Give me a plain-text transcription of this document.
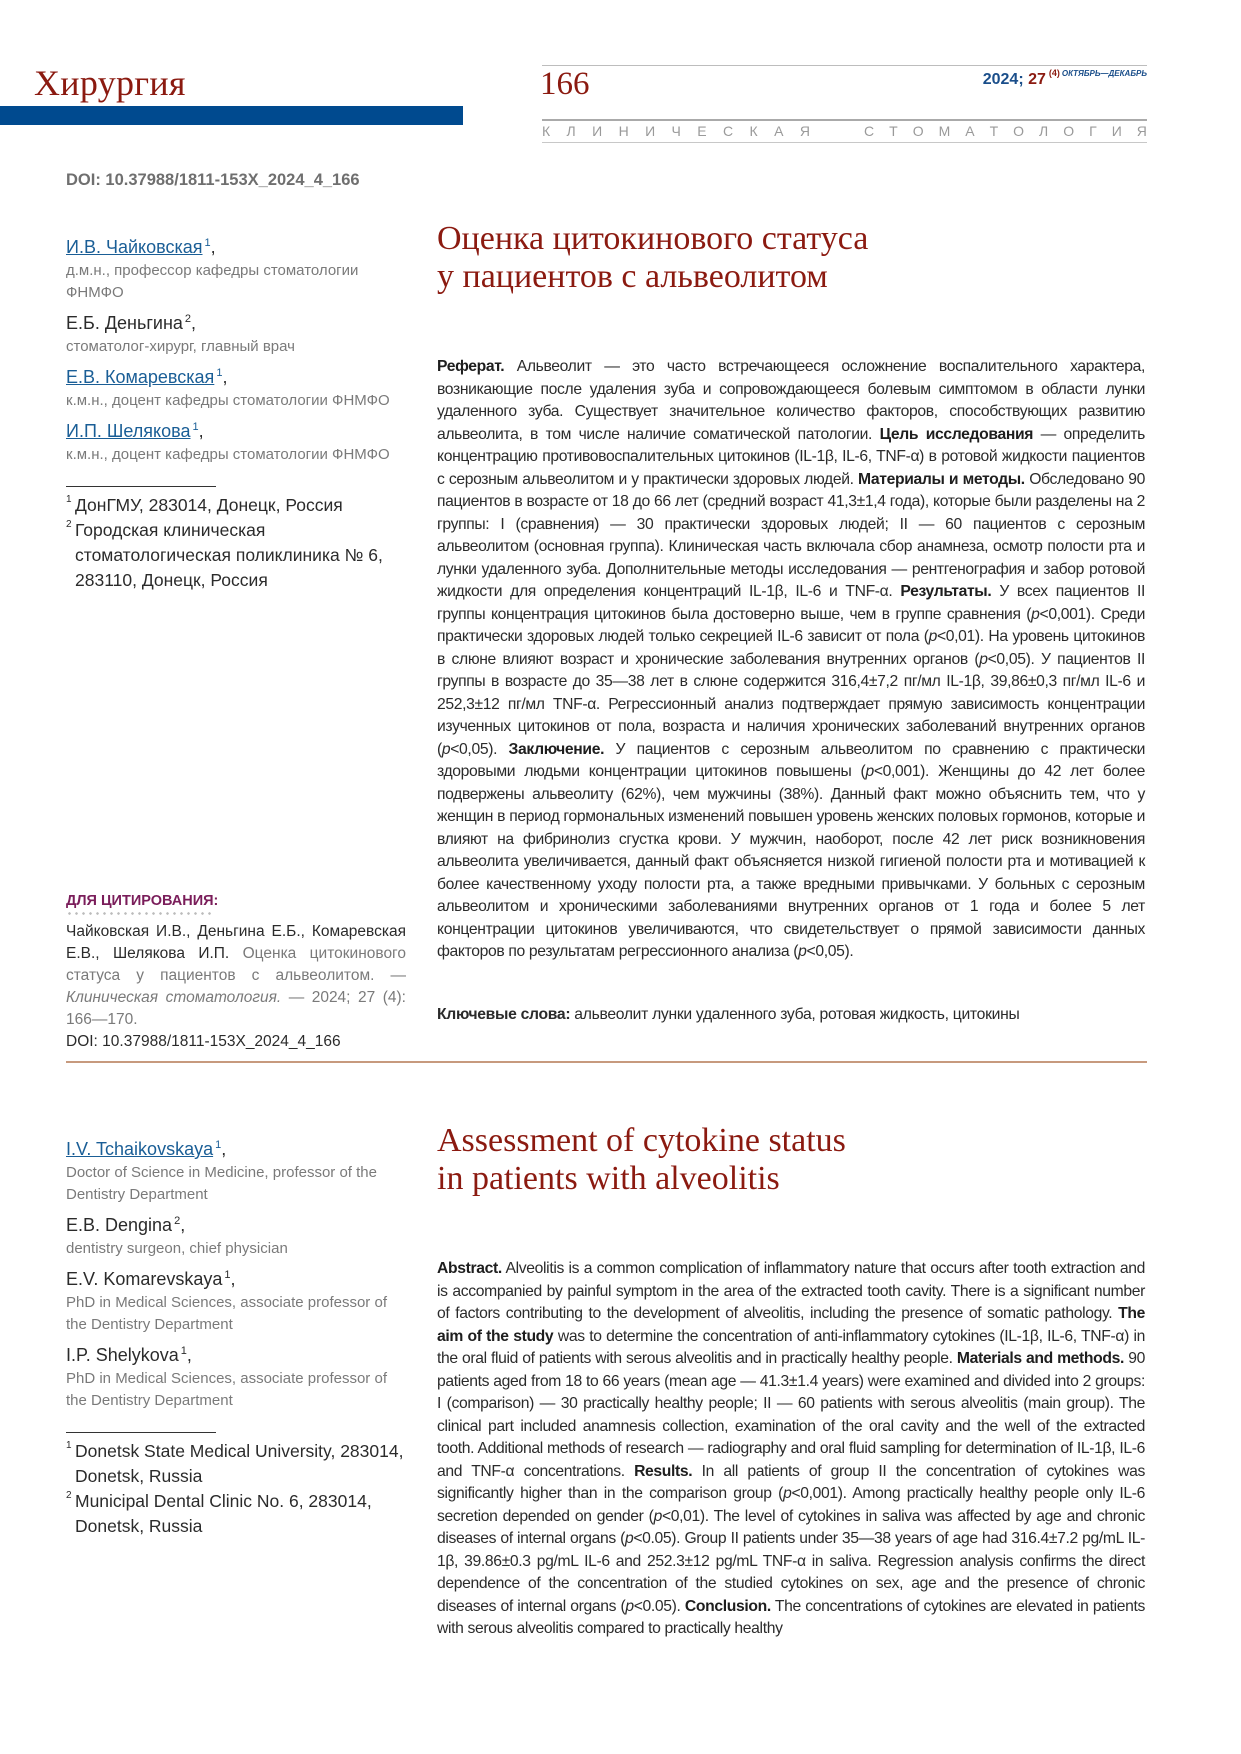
Хирургия	166	2024; 27 $^{(4)}$ $^{ОКТЯБРЬ—ДЕКАБРЬ}$
К Л И Н И Ч Е С К А Я	С Т О М А Т О Л О Г И Я
DOI: 10.37988/1811-153X_2024_4_166
И.В. Чайковская $^1$,
д.м.н., профессор кафедры стоматологии ФНМФО
Е.Б. Деньгина $^2$,
стоматолог-хирург, главный врач
Е.В. Комаревская $^1$,
к.м.н., доцент кафедры стоматологии ФНМФО
И.П. Шелякова $^1$,
к.м.н., доцент кафедры стоматологии ФНМФО
1 ДонГМУ, 283014, Донецк, Россия
2 Городская клиническая стоматологическая поликлиника № 6, 283110, Донецк, Россия
ДЛЯ ЦИТИРОВАНИЯ:
Чайковская И.В., Деньгина Е.Б., Комаревская Е.В., Шелякова И.П. Оценка цитокинового статуса у пациентов с альвеолитом. — Клиническая стоматология. — 2024; 27 (4): 166—170.
DOI: 10.37988/1811-153X_2024_4_166
Оценка цитокинового статуса
у пациентов с альвеолитом
Реферат. Альвеолит — это часто встречающееся осложнение воспалительного характера, возникающие после удаления зуба и сопровождающееся болевым симптомом в области лунки удаленного зуба. Существует значительное количество факторов, способствующих развитию альвеолита, в том числе наличие соматической патологии. Цель исследования — определить концентрацию противовоспалительных цитокинов (IL-1β, IL-6, TNF-α) в ротовой жидкости пациентов с серозным альвеолитом и у практически здоровых людей. Материалы и методы. Обследовано 90 пациентов в возрасте от 18 до 66 лет (средний возраст 41,3±1,4 года), которые были разделены на 2 группы: I (сравнения) — 30 практически здоровых людей; II — 60 пациентов с серозным альвеолитом (основная группа). Клиническая часть включала сбор анамнеза, осмотр полости рта и лунки удаленного зуба. Дополнительные методы исследования — рентгенография и забор ротовой жидкости для определения концентраций IL-1β, IL-6 и TNF-α. Результаты. У всех пациентов II группы концентрация цитокинов была достоверно выше, чем в группе сравнения (p<0,001). Среди практически здоровых людей только секрецией IL-6 зависит от пола (p<0,01). На уровень цитокинов в слюне влияют возраст и хронические заболевания внутренних органов (p<0,05). У пациентов II группы в возрасте до 35—38 лет в слюне содержится 316,4±7,2 пг/мл IL-1β, 39,86±0,3 пг/мл IL-6 и 252,3±12 пг/мл TNF-α. Регрессионный анализ подтверждает прямую зависимость концентрации изученных цитокинов от пола, возраста и наличия хронических заболеваний внутренних органов (p<0,05). Заключение. У пациентов с серозным альвеолитом по сравнению с практически здоровыми людьми концентрации цитокинов повышены (p<0,001). Женщины до 42 лет более подвержены альвеолиту (62%), чем мужчины (38%). Данный факт можно объяснить тем, что у женщин в период гормональных изменений повышен уровень женских половых гормонов, которые и влияют на фибринолиз сгустка крови. У мужчин, наоборот, после 42 лет риск возникновения альвеолита увеличивается, данный факт объясняется низкой гигиеной полости рта и мотивацией к более качественному уходу полости рта, а также вредными привычками. У больных с серозным альвеолитом и хроническими заболеваниями внутренних органов от 1 года и более 5 лет концентрации цитокинов увеличиваются, что свидетельствует о прямой зависимости данных факторов по результатам регрессионного анализа (p<0,05).
Ключевые слова: альвеолит лунки удаленного зуба, ротовая жидкость, цитокины
I.V. Tchaikovskaya $^1$,
Doctor of Science in Medicine, professor of the Dentistry Department
E.B. Dengina $^2$,
dentistry surgeon, chief physician
E.V. Komarevskaya $^1$,
PhD in Medical Sciences, associate professor of the Dentistry Department
I.P. Shelykova $^1$,
PhD in Medical Sciences, associate professor of the Dentistry Department
1 Donetsk State Medical University, 283014, Donetsk, Russia
2 Municipal Dental Clinic No. 6, 283014, Donetsk, Russia
Assessment of cytokine status
in patients with alveolitis
Abstract. Alveolitis is a common complication of inflammatory nature that occurs after tooth extraction and is accompanied by painful symptom in the area of the extracted tooth cavity. There is a significant number of factors contributing to the development of alveolitis, including the presence of somatic pathology. The aim of the study was to determine the concentration of anti-inflammatory cytokines (IL-1β, IL-6, TNF-α) in the oral fluid of patients with serous alveolitis and in practically healthy people. Materials and methods. 90 patients aged from 18 to 66 years (mean age — 41.3±1.4 years) were examined and divided into 2 groups: I (comparison) — 30 practically healthy people; II — 60 patients with serous alveolitis (main group). The clinical part included anamnesis collection, examination of the oral cavity and the well of the extracted tooth. Additional methods of research — radiography and oral fluid sampling for determination of IL-1β, IL-6 and TNF-α concentrations. Results. In all patients of group II the concentration of cytokines was significantly higher than in the comparison group (p<0,001). Among practically healthy people only IL-6 secretion depended on gender (p<0,01). The level of cytokines in saliva was affected by age and chronic diseases of internal organs (p<0.05). Group II patients under 35—38 years of age had 316.4±7.2 pg/mL IL-1β, 39.86±0.3 pg/mL IL-6 and 252.3±12 pg/mL TNF-α in saliva. Regression analysis confirms the direct dependence of the concentration of the studied cytokines on sex, age and the presence of chronic diseases of internal organs (p<0.05). Conclusion. The concentrations of cytokines are elevated in patients with serous alveolitis compared to practically healthy
